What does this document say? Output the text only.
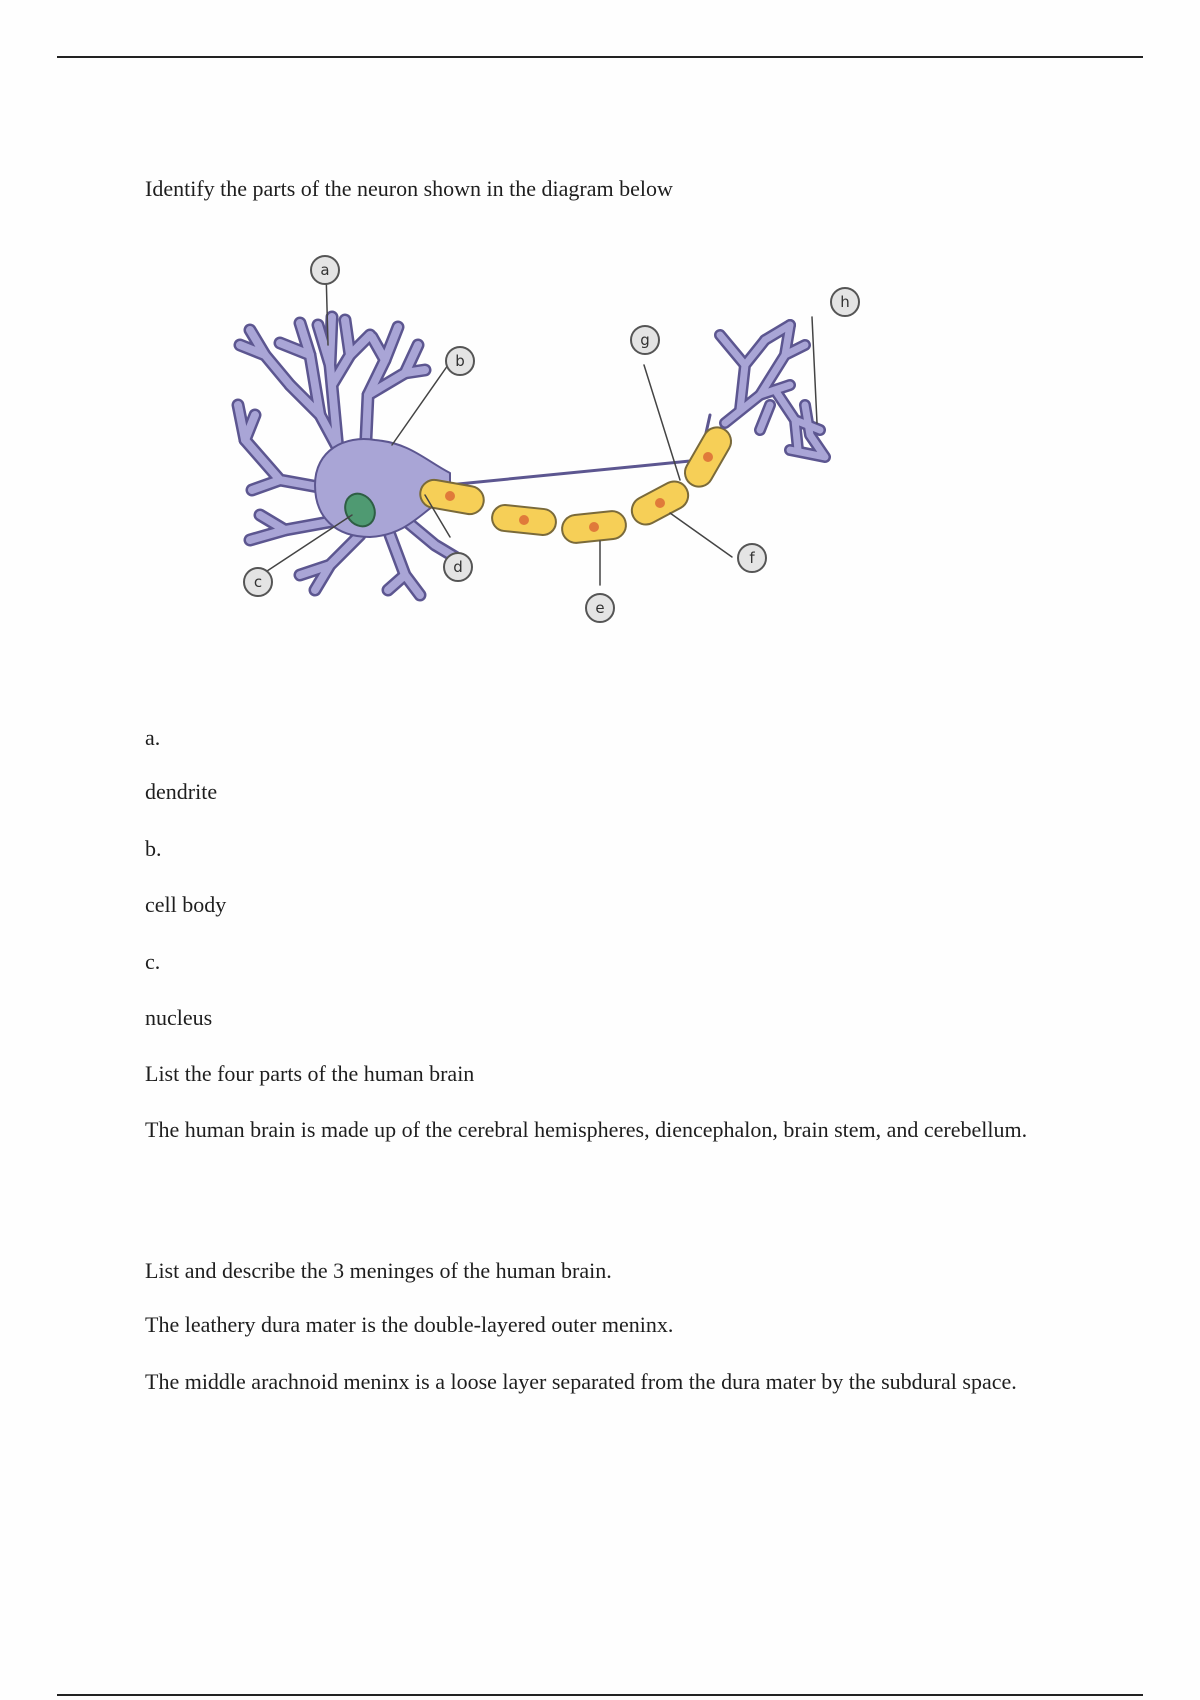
Identify the parts of the neuron shown in the diagram below

a
b
c
d
e
f
g
h

a.

dendrite

b.

cell body

c.

nucleus

List the four parts of the human brain

The human brain is made up of the cerebral hemispheres, diencephalon, brain stem, and cerebellum.

List and describe the 3 meninges of the human brain.

The leathery dura mater is the double-layered outer meninx.

The middle arachnoid meninx is a loose layer separated from the dura mater by the subdural space.
